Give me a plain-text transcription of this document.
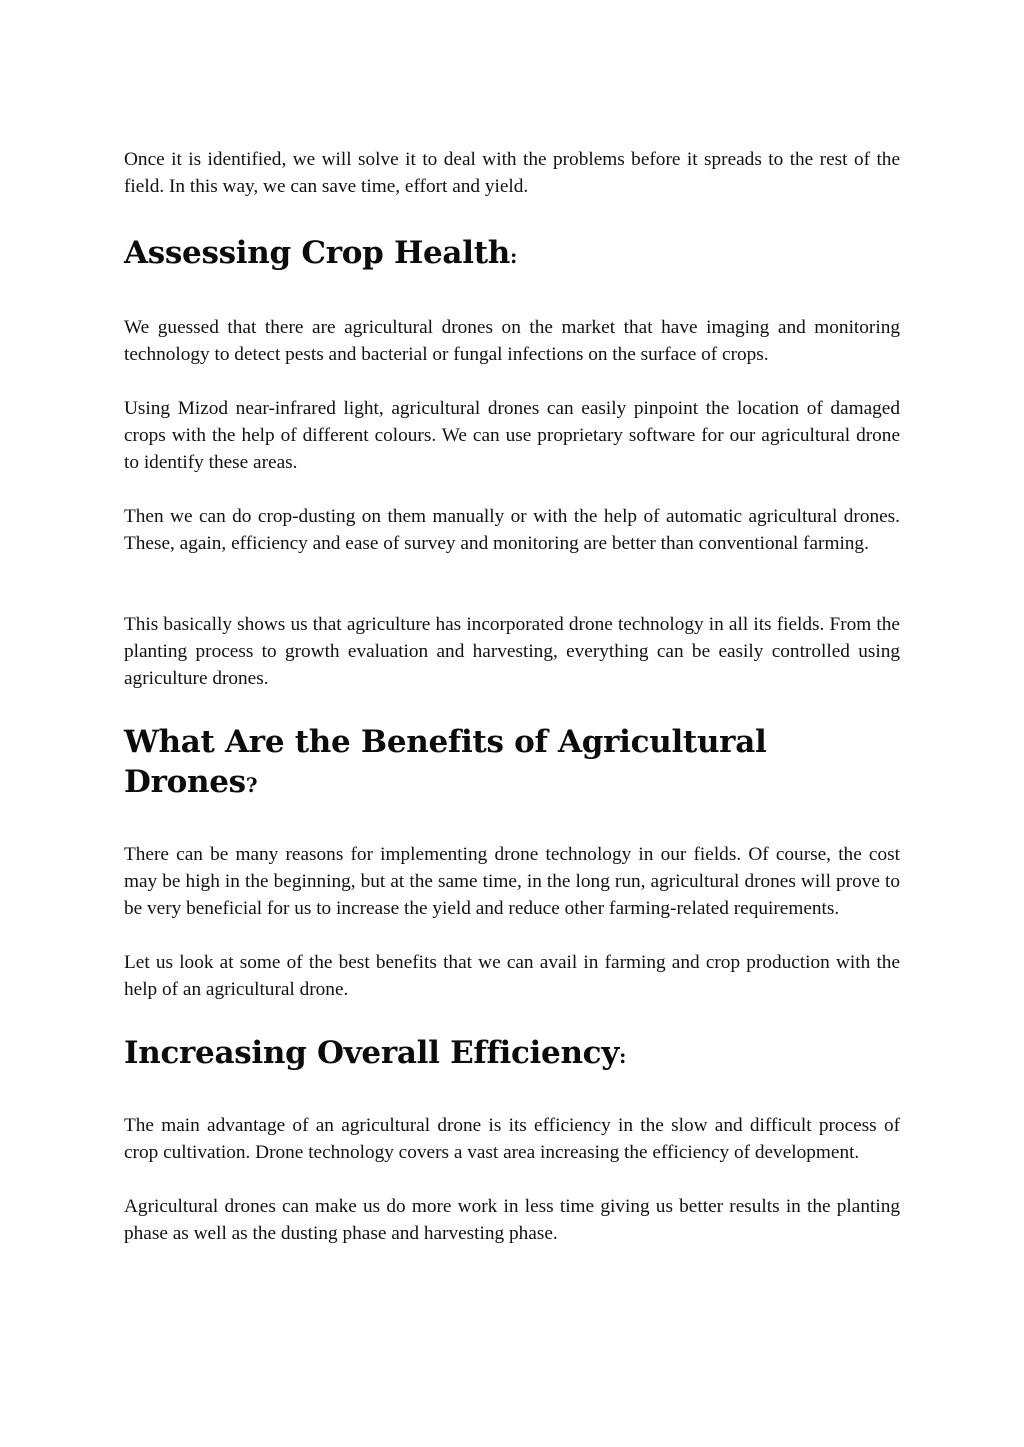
Once it is identified, we will solve it to deal with the problems before it spreads to the rest of the field. In this way, we can save time, effort and yield.

Assessing Crop Health:

We guessed that there are agricultural drones on the market that have imaging and monitoring technology to detect pests and bacterial or fungal infections on the surface of crops.

Using Mizod near-infrared light, agricultural drones can easily pinpoint the location of damaged crops with the help of different colours. We can use proprietary software for our agricultural drone to identify these areas.

Then we can do crop-dusting on them manually or with the help of automatic agricultural drones. These, again, efficiency and ease of survey and monitoring are better than conventional farming.

This basically shows us that agriculture has incorporated drone technology in all its fields. From the planting process to growth evaluation and harvesting, everything can be easily controlled using agriculture drones.

What Are the Benefits of Agricultural Drones?

There can be many reasons for implementing drone technology in our fields. Of course, the cost may be high in the beginning, but at the same time, in the long run, agricultural drones will prove to be very beneficial for us to increase the yield and reduce other farming-related requirements.

Let us look at some of the best benefits that we can avail in farming and crop production with the help of an agricultural drone.

Increasing Overall Efficiency:

The main advantage of an agricultural drone is its efficiency in the slow and difficult process of crop cultivation. Drone technology covers a vast area increasing the efficiency of development.

Agricultural drones can make us do more work in less time giving us better results in the planting phase as well as the dusting phase and harvesting phase.
